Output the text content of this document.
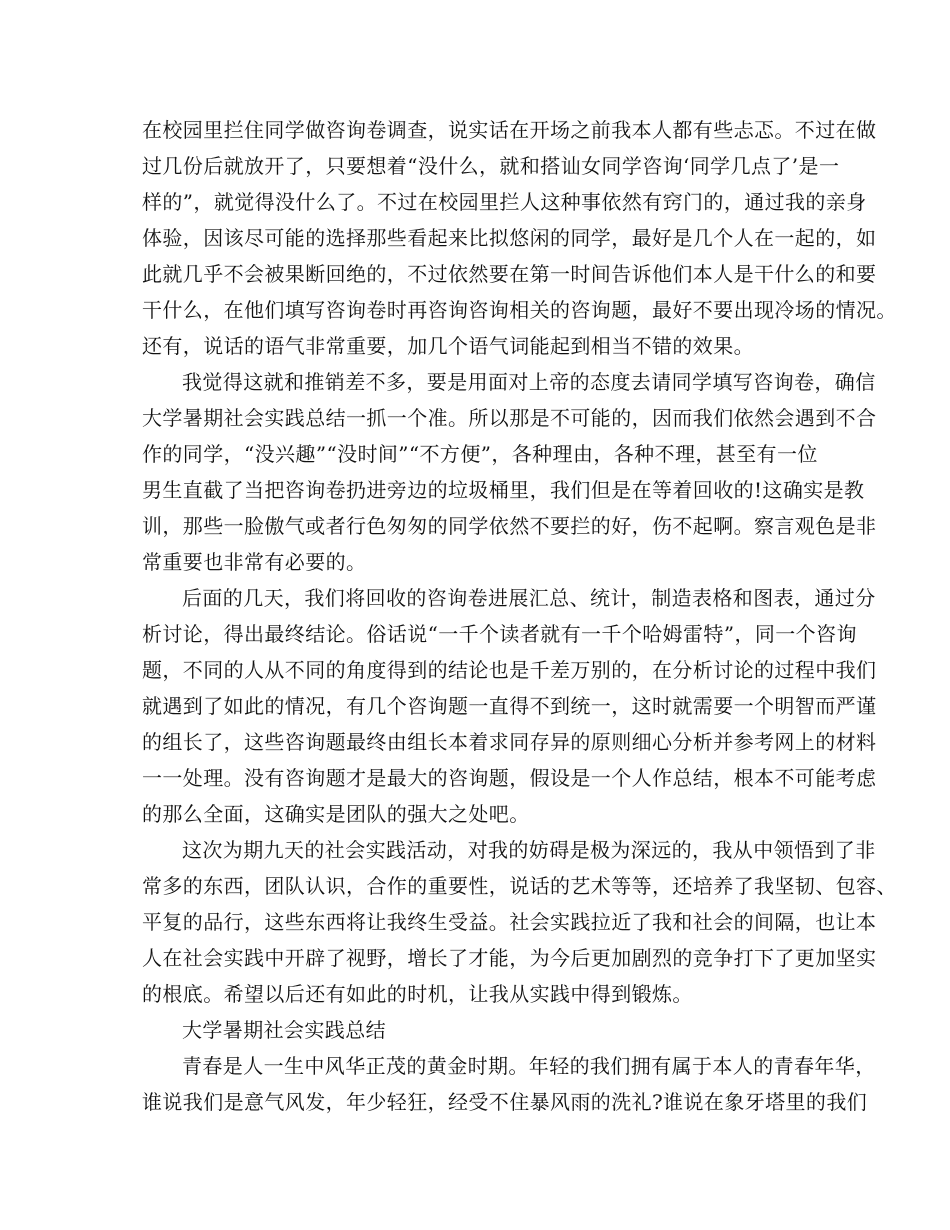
在校园里拦住同学做咨询卷调查，说实话在开场之前我本人都有些忐忑。不过在做
过几份后就放开了，只要想着“没什么，就和搭讪女同学咨询‘同学几点了’是一
样的”，就觉得没什么了。不过在校园里拦人这种事依然有窍门的，通过我的亲身
体验，因该尽可能的选择那些看起来比拟悠闲的同学，最好是几个人在一起的，如
此就几乎不会被果断回绝的，不过依然要在第一时间告诉他们本人是干什么的和要
干什么，在他们填写咨询卷时再咨询咨询相关的咨询题，最好不要出现冷场的情况。
还有，说话的语气非常重要，加几个语气词能起到相当不错的效果。
我觉得这就和推销差不多，要是用面对上帝的态度去请同学填写咨询卷，确信
大学暑期社会实践总结一抓一个准。所以那是不可能的，因而我们依然会遇到不合
作的同学，“没兴趣”“没时间”“不方便”，各种理由，各种不理，甚至有一位
男生直截了当把咨询卷扔进旁边的垃圾桶里，我们但是在等着回收的!这确实是教
训，那些一脸傲气或者行色匆匆的同学依然不要拦的好，伤不起啊。察言观色是非
常重要也非常有必要的。
后面的几天，我们将回收的咨询卷进展汇总、统计，制造表格和图表，通过分
析讨论，得出最终结论。俗话说“一千个读者就有一千个哈姆雷特”，同一个咨询
题，不同的人从不同的角度得到的结论也是千差万别的，在分析讨论的过程中我们
就遇到了如此的情况，有几个咨询题一直得不到统一，这时就需要一个明智而严谨
的组长了，这些咨询题最终由组长本着求同存异的原则细心分析并参考网上的材料
一一处理。没有咨询题才是最大的咨询题，假设是一个人作总结，根本不可能考虑
的那么全面，这确实是团队的强大之处吧。
这次为期九天的社会实践活动，对我的妨碍是极为深远的，我从中领悟到了非
常多的东西，团队认识，合作的重要性，说话的艺术等等，还培养了我坚韧、包容、
平复的品行，这些东西将让我终生受益。社会实践拉近了我和社会的间隔，也让本
人在社会实践中开辟了视野，增长了才能，为今后更加剧烈的竞争打下了更加坚实
的根底。希望以后还有如此的时机，让我从实践中得到锻炼。
大学暑期社会实践总结
青春是人一生中风华正茂的黄金时期。年轻的我们拥有属于本人的青春年华，
谁说我们是意气风发，年少轻狂，经受不住暴风雨的洗礼?谁说在象牙塔里的我们
